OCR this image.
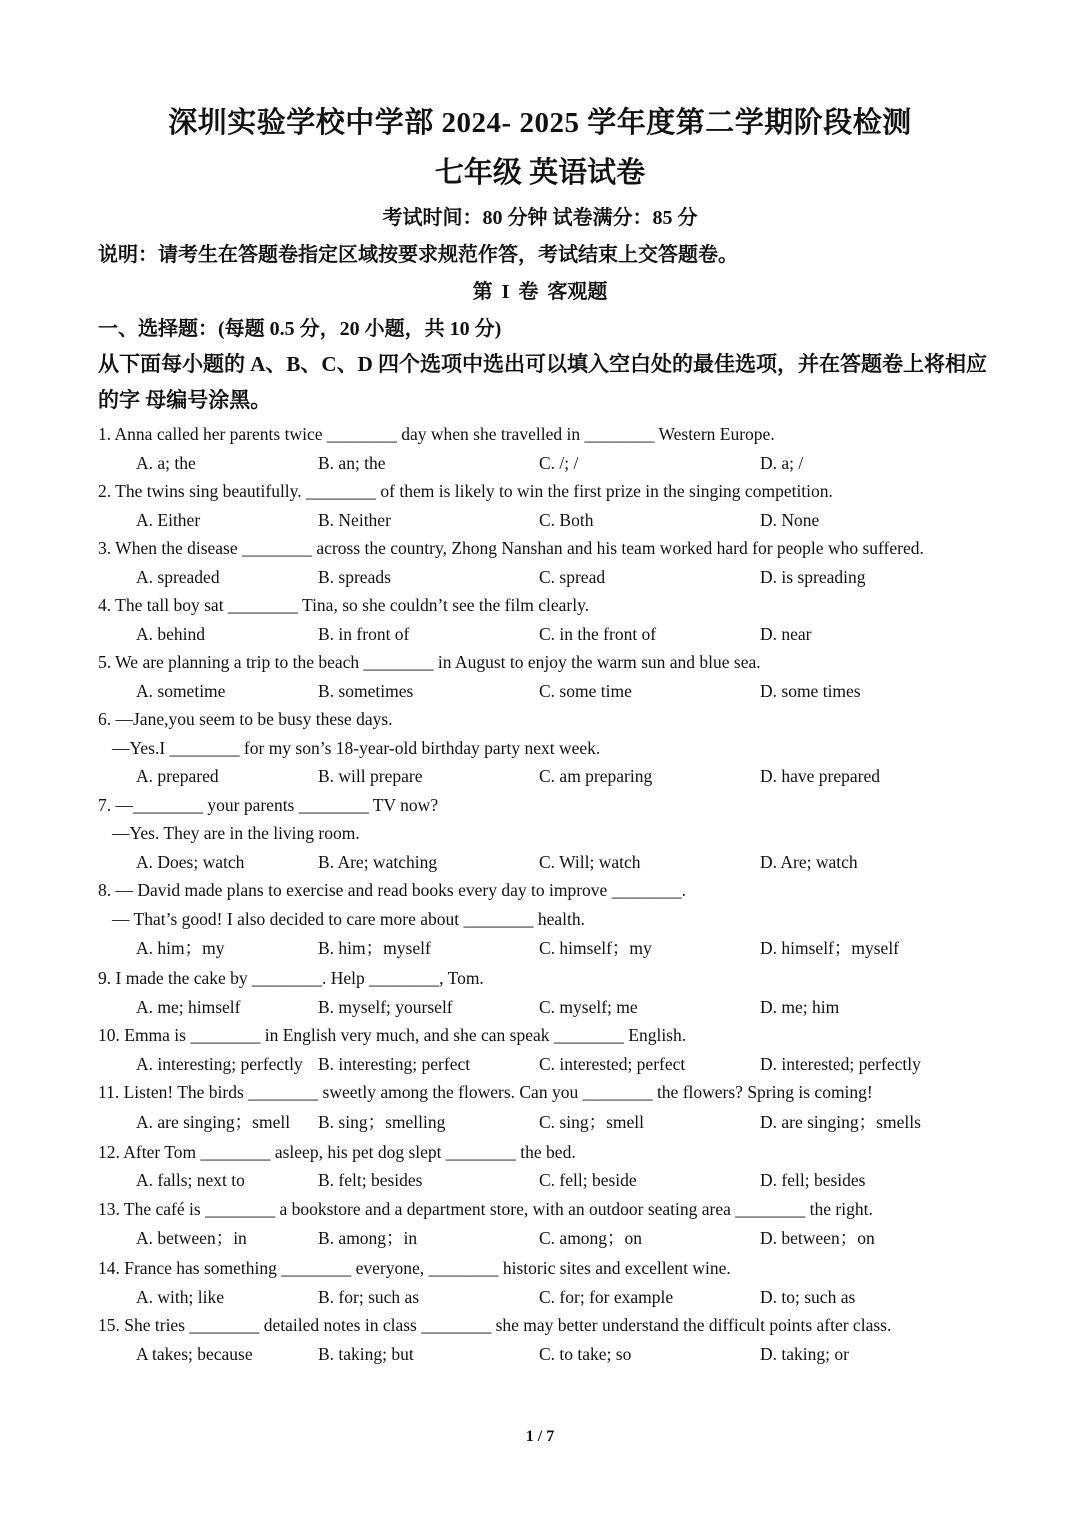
深圳实验学校中学部 2024- 2025 学年度第二学期阶段检测
七年级 英语试卷
考试时间：80 分钟 试卷满分：85 分
说明：请考生在答题卷指定区域按要求规范作答，考试结束上交答题卷。
第 I 卷 客观题
一、选择题：(每题 0.5 分，20 小题，共 10 分)
从下面每小题的 A、B、C、D 四个选项中选出可以填入空白处的最佳选项，并在答题卷上将相应的字 母编号涂黑。
1. Anna called her parents twice ________ day when she travelled in ________ Western Europe.
A. a; the	B. an; the	C. /; /	D. a; /
2. The twins sing beautifully. ________ of them is likely to win the first prize in the singing competition.
A. Either	B. Neither	C. Both	D. None
3. When the disease ________ across the country, Zhong Nanshan and his team worked hard for people who suffered.
A. spreaded	B. spreads	C. spread	D. is spreading
4. The tall boy sat ________ Tina, so she couldn’t see the film clearly.
A. behind	B. in front of	C. in the front of	D. near
5. We are planning a trip to the beach ________ in August to enjoy the warm sun and blue sea.
A. sometime	B. sometimes	C. some time	D. some times
6. —Jane,you seem to be busy these days.
—Yes.I ________ for my son’s 18-year-old birthday party next week.
A. prepared	B. will prepare	C. am preparing	D. have prepared
7. —________ your parents ________ TV now?
—Yes. They are in the living room.
A. Does; watch	B. Are; watching	C. Will; watch	D. Are; watch
8. — David made plans to exercise and read books every day to improve ________.
— That’s good! I also decided to care more about ________ health.
A. him；my	B. him；myself	C. himself；my	D. himself；myself
9. I made the cake by ________. Help ________, Tom.
A. me; himself	B. myself; yourself	C. myself; me	D. me; him
10. Emma is ________ in English very much, and she can speak ________ English.
A. interesting; perfectly B. interesting; perfect	C. interested; perfect	D. interested; perfectly
11. Listen! The birds ________ sweetly among the flowers. Can you ________ the flowers? Spring is coming!
A. are singing；smell	B. sing；smelling	C. sing；smell	D. are singing；smells
12. After Tom ________ asleep, his pet dog slept ________ the bed.
A. falls; next to	B. felt; besides	C. fell; beside	D. fell; besides
13. The café is ________ a bookstore and a department store, with an outdoor seating area ________ the right.
A. between；in	B. among；in	C. among；on	D. between；on
14. France has something ________ everyone, ________ historic sites and excellent wine.
A. with; like	B. for; such as	C. for; for example	D. to; such as
15. She tries ________ detailed notes in class ________ she may better understand the difficult points after class.
A takes; because	B. taking; but	C. to take; so	D. taking; or
1 / 7
